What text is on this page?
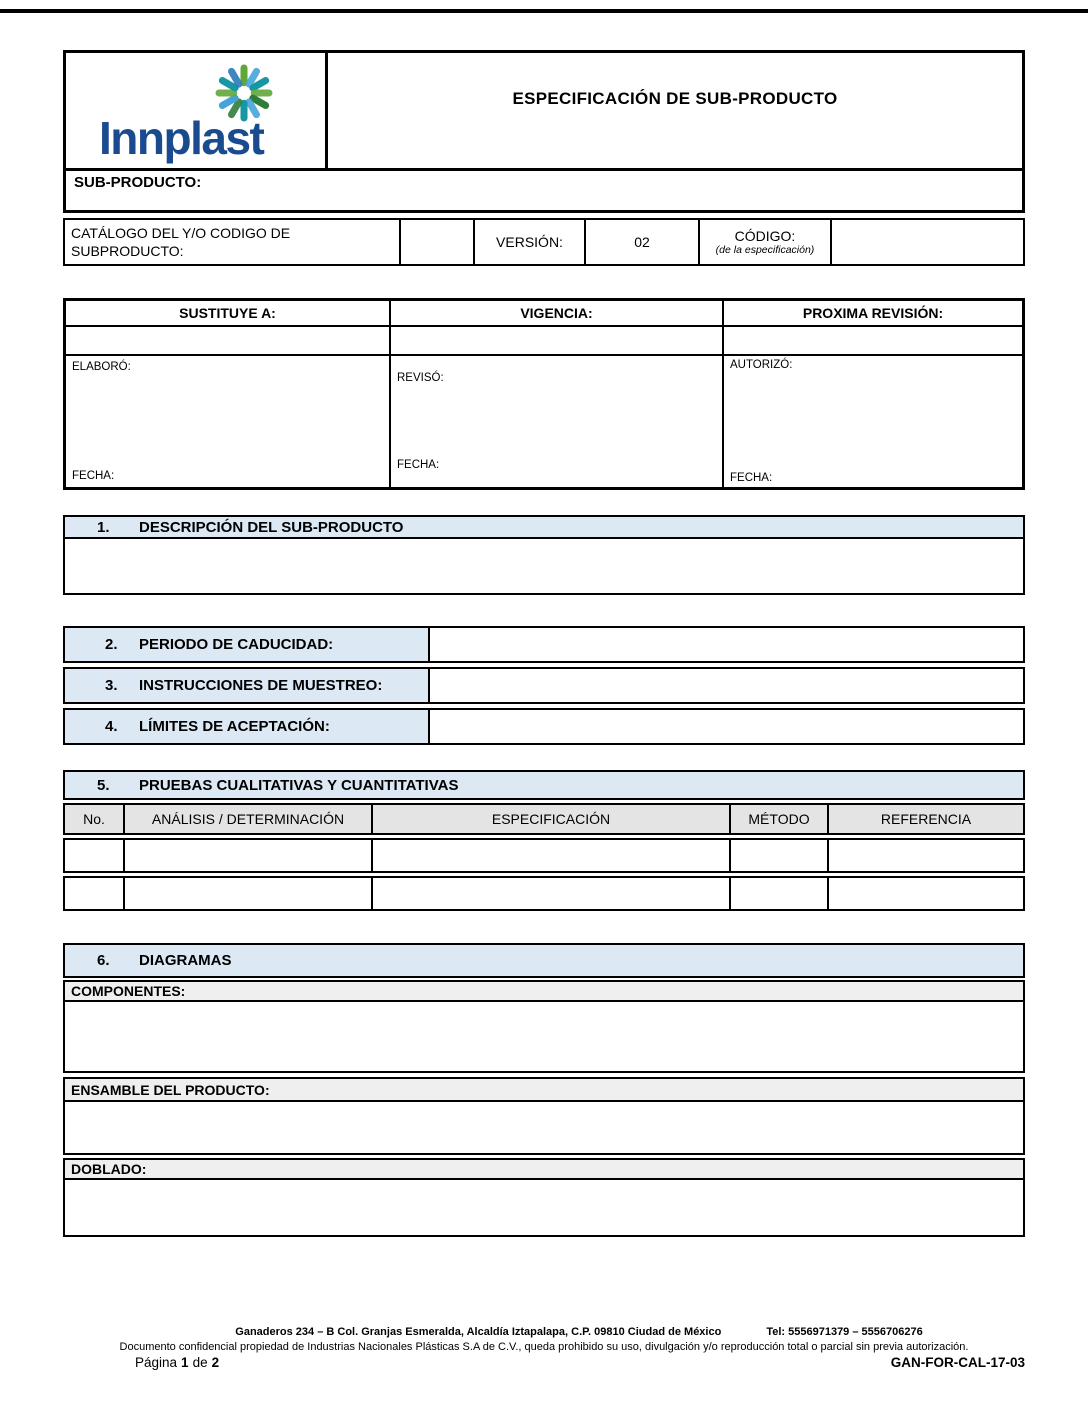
Innplast
ESPECIFICACIÓN DE SUB-PRODUCTO
SUB-PRODUCTO:
CATÁLOGO DEL Y/O CODIGO DE SUBPRODUCTO:
VERSIÓN:	02	CÓDIGO:
(de la especificación)
SUSTITUYE A:	VIGENCIA:	PROXIMA REVISIÓN:
ELABORÓ:
FECHA:
REVISÓ:
FECHA:
AUTORIZÓ:
FECHA:
1.	DESCRIPCIÓN DEL SUB-PRODUCTO
2.	PERIODO DE CADUCIDAD:
3.	INSTRUCCIONES DE MUESTREO:
4.	LÍMITES DE ACEPTACIÓN:
5.	PRUEBAS CUALITATIVAS Y CUANTITATIVAS
No.	ANÁLISIS / DETERMINACIÓN	ESPECIFICACIÓN	MÉTODO	REFERENCIA
6.	DIAGRAMAS
COMPONENTES:
ENSAMBLE DEL PRODUCTO:
DOBLADO:
Ganaderos 234 – B Col. Granjas Esmeralda, Alcaldía Iztapalapa, C.P. 09810 Ciudad de México	Tel: 5556971379 – 5556706276
Documento confidencial propiedad de Industrias Nacionales Plásticas S.A de C.V., queda prohibido su uso, divulgación y/o reproducción total o parcial sin previa autorización.
GAN-FOR-CAL-17-03
Página 1 de 2
